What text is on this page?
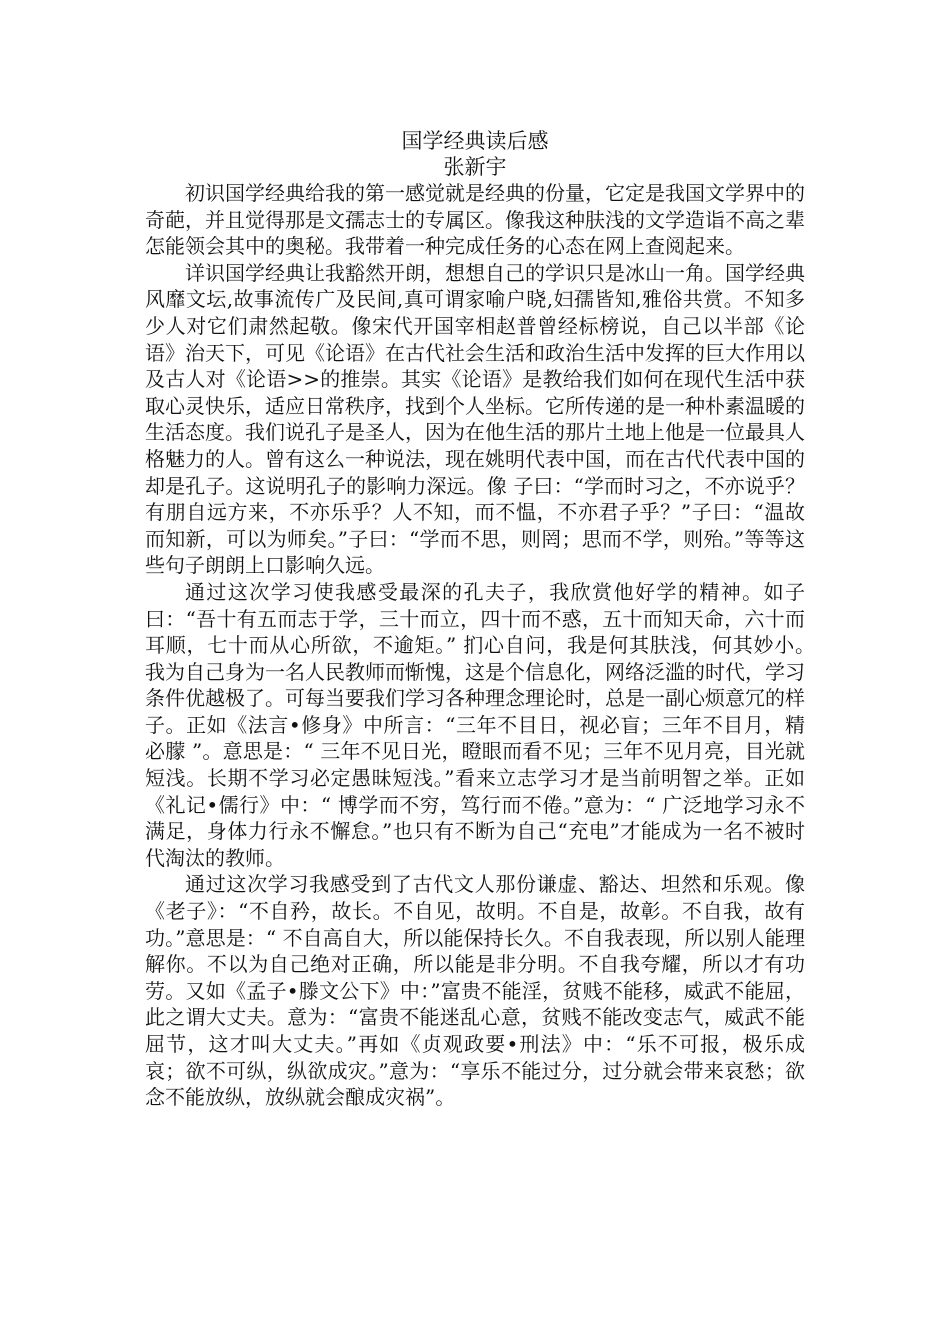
国学经典读后感
张新宇

初识国学经典给我的第一感觉就是经典的份量，它定是我国文学界中的奇葩，并且觉得那是文孺志士的专属区。像我这种肤浅的文学造诣不高之辈怎能领会其中的奥秘。我带着一种完成任务的心态在网上查阅起来。

详识国学经典让我豁然开朗，想想自己的学识只是冰山一角。国学经典风靡文坛,故事流传广及民间,真可谓家喻户晓,妇孺皆知,雅俗共赏。不知多少人对它们肃然起敬。像宋代开国宰相赵普曾经标榜说，自己以半部《论语》治天下，可见《论语》在古代社会生活和政治生活中发挥的巨大作用以及古人对《论语>>的推崇。其实《论语》是教给我们如何在现代生活中获取心灵快乐，适应日常秩序，找到个人坐标。它所传递的是一种朴素温暖的生活态度。我们说孔子是圣人，因为在他生活的那片土地上他是一位最具人格魅力的人。曾有这么一种说法，现在姚明代表中国，而在古代代表中国的却是孔子。这说明孔子的影响力深远。像 子曰：“学而时习之，不亦说乎？有朋自远方来，不亦乐乎？人不知，而不愠，不亦君子乎？”子曰：“温故而知新，可以为师矣。”子曰：“学而不思，则罔；思而不学，则殆。”等等这些句子朗朗上口影响久远。

通过这次学习使我感受最深的孔夫子，我欣赏他好学的精神。如子曰：“吾十有五而志于学，三十而立，四十而不惑，五十而知天命，六十而耳顺，七十而从心所欲，不逾矩。” 扪心自问，我是何其肤浅，何其妙小。　我为自己身为一名人民教师而惭愧，这是个信息化，网络泛滥的时代，学习条件优越极了。可每当要我们学习各种理念理论时，总是一副心烦意冗的样子。正如《法言•修身》中所言：“三年不目日，视必盲；三年不目月，精必朦 ”。意思是：“ 三年不见日光，瞪眼而看不见；三年不见月亮，目光就短浅。长期不学习必定愚昧短浅。”看来立志学习才是当前明智之举。正如《礼记•儒行》中：“ 博学而不穷，笃行而不倦。”意为：“ 广泛地学习永不满足，身体力行永不懈怠。”也只有不断为自己“充电”才能成为一名不被时代淘汰的教师。

通过这次学习我感受到了古代文人那份谦虚、豁达、坦然和乐观。像《老子》：“不自矜，故长。不自见，故明。不自是，故彰。不自我，故有功。”意思是：“ 不自高自大，所以能保持长久。不自我表现，所以别人能理解你。不以为自己绝对正确，所以能是非分明。不自我夸耀，所以才有功劳。又如《孟子•滕文公下》中：”富贵不能淫，贫贱不能移，威武不能屈，此之谓大丈夫。意为：“富贵不能迷乱心意，贫贱不能改变志气，威武不能屈节，这才叫大丈夫。”再如《贞观政要•刑法》中：“乐不可报，极乐成哀；欲不可纵，纵欲成灾。”意为：“享乐不能过分，过分就会带来哀愁；欲念不能放纵，放纵就会酿成灾祸”。
